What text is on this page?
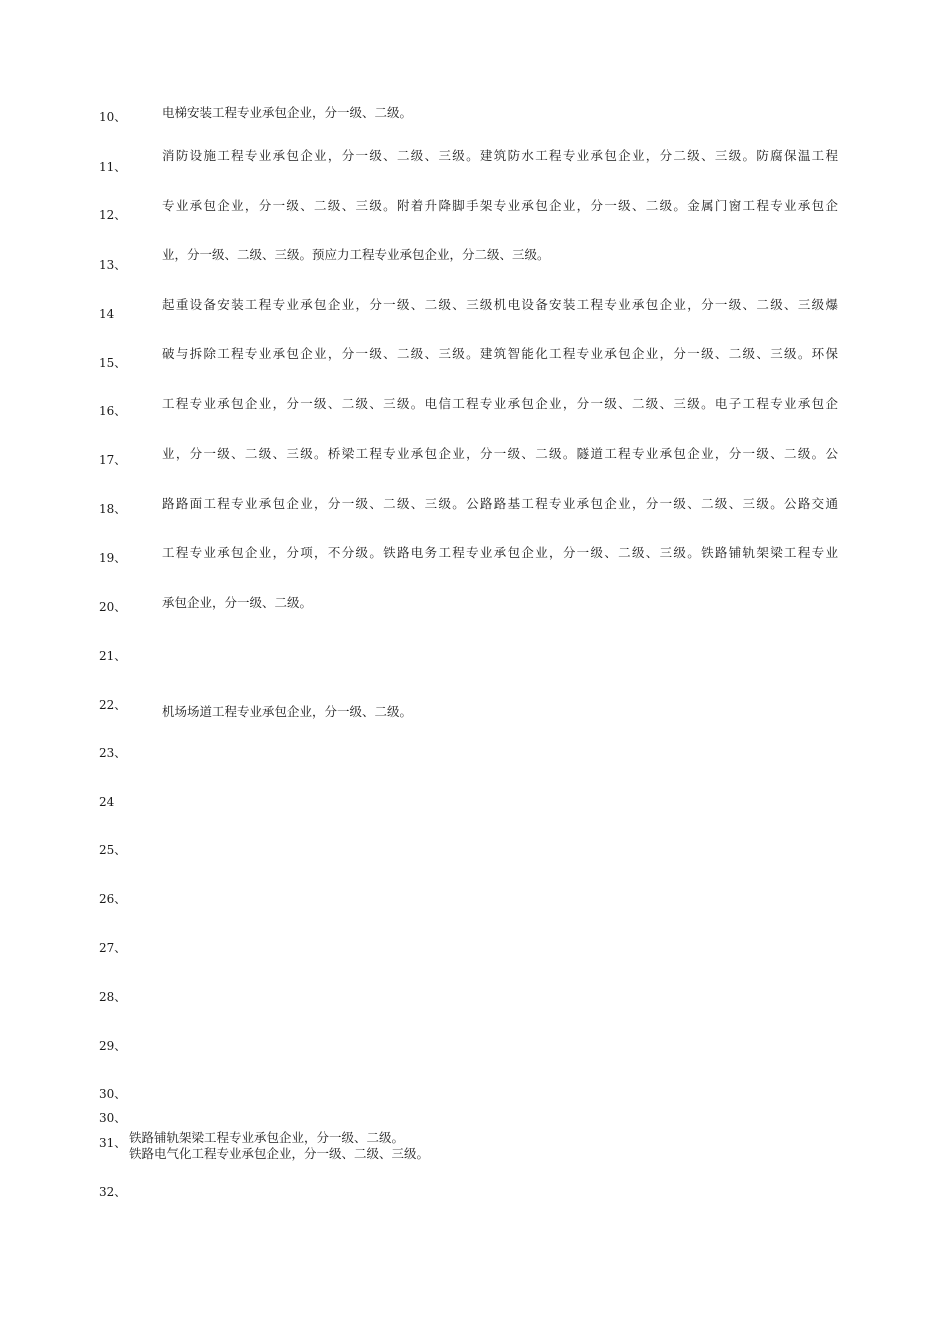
10、
11、
12、
13、
14
15、
16、
17、
18、
19、
20、
21、
22、
23、
24
25、
26、
27、
28、
29、
30、
30、
31、
32、
电梯安装工程专业承包企业，分一级、二级。
消防设施工程专业承包企业，分一级、二级、三级。建筑防水工程专业承包企业，分二级、三级。防腐保温工程
专业承包企业，分一级、二级、三级。附着升降脚手架专业承包企业，分一级、二级。金属门窗工程专业承包企
业，分一级、二级、三级。预应力工程专业承包企业，分二级、三级。
起重设备安装工程专业承包企业，分一级、二级、三级机电设备安装工程专业承包企业，分一级、二级、三级爆
破与拆除工程专业承包企业，分一级、二级、三级。建筑智能化工程专业承包企业，分一级、二级、三级。环保
工程专业承包企业，分一级、二级、三级。电信工程专业承包企业，分一级、二级、三级。电子工程专业承包企
业，分一级、二级、三级。桥梁工程专业承包企业，分一级、二级。隧道工程专业承包企业，分一级、二级。公
路路面工程专业承包企业，分一级、二级、三级。公路路基工程专业承包企业，分一级、二级、三级。公路交通
工程专业承包企业，分项，不分级。铁路电务工程专业承包企业，分一级、二级、三级。铁路铺轨架梁工程专业
承包企业，分一级、二级。
机场场道工程专业承包企业，分一级、二级。
铁路铺轨架梁工程专业承包企业，分一级、二级。
铁路电气化工程专业承包企业，分一级、二级、三级。
